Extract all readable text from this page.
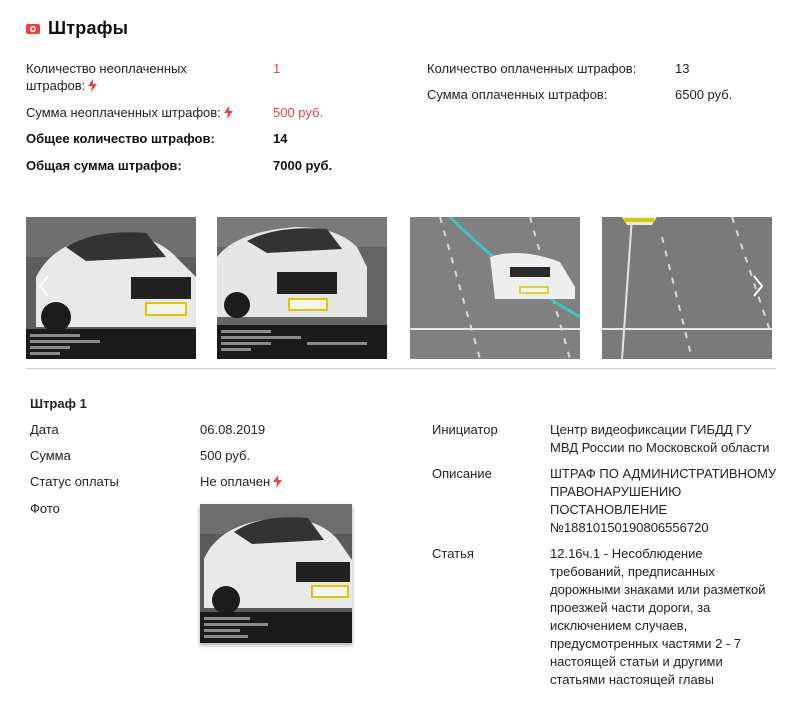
Штрафы
Количество неоплаченных штрафов:
1
Сумма неоплаченных штрафов:	500 руб.
Общее количество штрафов:	14
Общая сумма штрафов:	7000 руб.
Количество оплаченных штрафов:	13
Сумма оплаченных штрафов:	6500 руб.
Штраф 1
Дата	06.08.2019
Сумма	500 руб.
Статус оплаты	Не оплачен
Фото
Инициатор	Центр видеофиксации ГИБДД ГУ
МВД России по Московской области
Описание	ШТРАФ ПО АДМИНИСТРАТИВНОМУ
ПРАВОНАРУШЕНИЮ
ПОСТАНОВЛЕНИЕ
№18810150190806556720
Статья	12.16ч.1 - Несоблюдение
требований, предписанных
дорожными знаками или разметкой
проезжей части дороги, за
исключением случаев,
предусмотренных частями 2 - 7
настоящей статьи и другими
статьями настоящей главы
